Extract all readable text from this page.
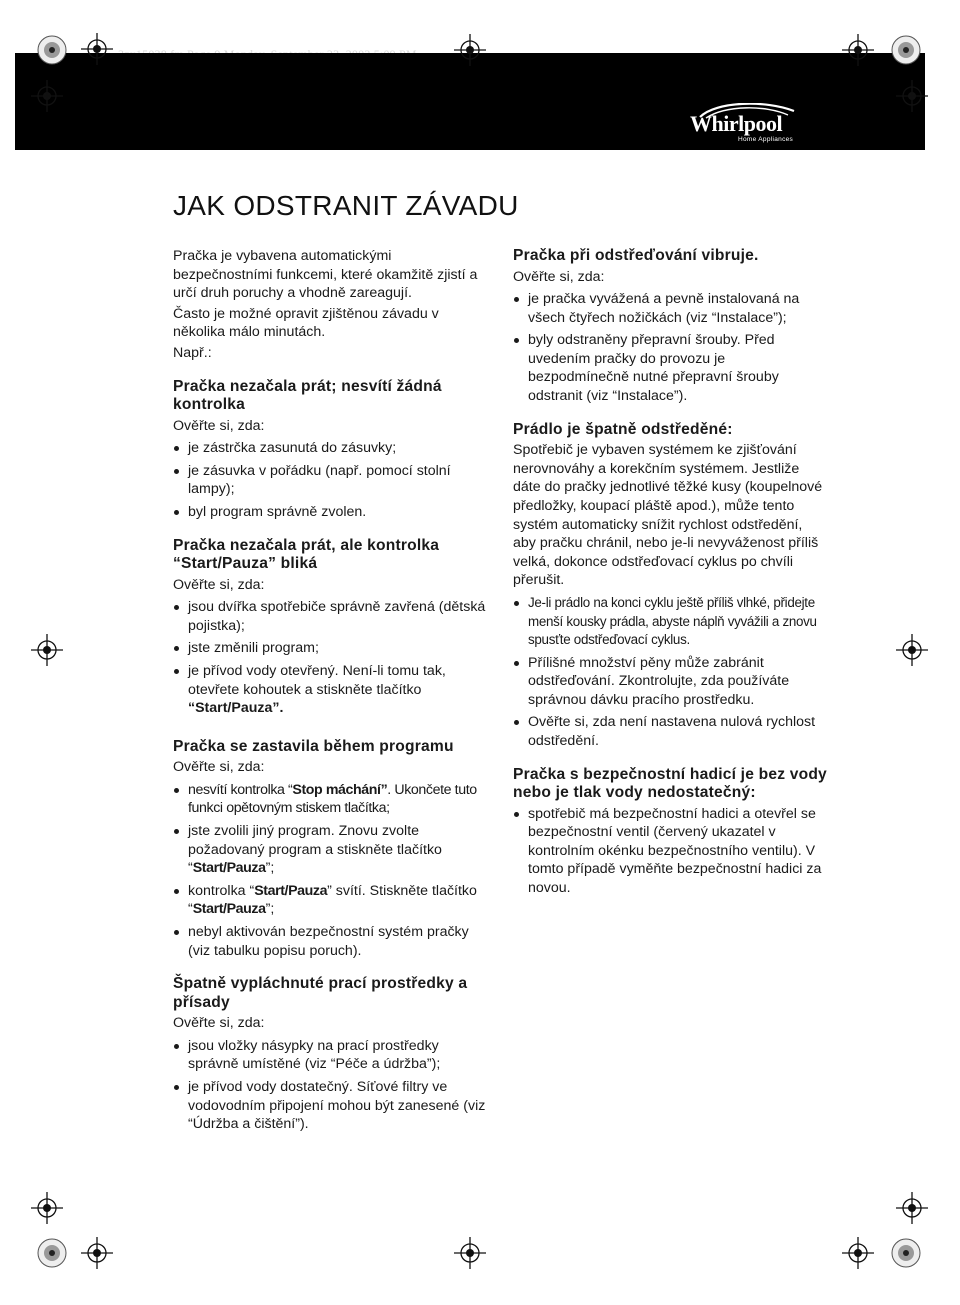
Whirlpool
Home Appliances
JAK ODSTRANIT ZÁVADU

Pračka je vybavena automatickými bezpečnostními funkcemi, které okamžitě zjistí a určí druh poruchy a vhodně zareagují.

Často je možné opravit zjištěnou závadu v několika málo minutách.

Např.:

Pračka nezačala prát; nesvítí žádná kontrolka

Ověřte si, zda:

je zástrčka zasunutá do zásuvky;
je zásuvka v pořádku (např. pomocí stolní lampy);
byl program správně zvolen.
Pračka nezačala prát, ale kontrolka “Start/Pauza” bliká

Ověřte si, zda:

jsou dvířka spotřebiče správně zavřená (dětská pojistka);
jste změnili program;
je přívod vody otevřený. Není-li tomu tak, otevřete kohoutek a stiskněte tlačítko “Start/Pauza”.
Pračka se zastavila během programu

Ověřte si, zda:

nesvítí kontrolka “Stop máchání”. Ukončete tuto funkci opětovným stiskem tlačítka;
jste zvolili jiný program. Znovu zvolte požadovaný program a stiskněte tlačítko “Start/Pauza”;
kontrolka “Start/Pauza” svítí. Stiskněte tlačítko “Start/Pauza”;
nebyl aktivován bezpečnostní systém pračky (viz tabulku popisu poruch).
Špatně vypláchnuté prací prostředky a přísady

Ověřte si, zda:

jsou vložky násypky na prací prostředky správně umístěné (viz “Péče a údržba”);
je přívod vody dostatečný. Síťové filtry ve vodovodním připojení mohou být zanesené (viz “Údržba a čištění”).
Pračka při odstřeďování vibruje.

Ověřte si, zda:

je pračka vyvážená a pevně instalovaná na všech čtyřech nožičkách (viz “Instalace”);
byly odstraněny přepravní šrouby. Před uvedením pračky do provozu je bezpodmínečně nutné přepravní šrouby odstranit (viz “Instalace”).
Prádlo je špatně odstředěné:

Spotřebič je vybaven systémem ke zjišťování nerovnováhy a korekčním systémem. Jestliže dáte do pračky jednotlivé těžké kusy (koupelnové předložky, koupací pláště apod.), může tento systém automaticky snížit rychlost odstředění, aby pračku chránil, nebo je-li nevyváženost příliš velká, dokonce odstřeďovací cyklus po chvíli přerušit.

Je-li prádlo na konci cyklu ještě příliš vlhké, přidejte menší kousky prádla, abyste náplň vyvážili a znovu spusťte odstřeďovací cyklus.
Přílišné množství pěny může zabránit odstřeďování. Zkontrolujte, zda používáte správnou dávku pracího prostředku.
Ověřte si, zda není nastavena nulová rychlost odstředění.
Pračka s bezpečnostní hadicí je bez vody nebo je tlak vody nedostatečný:
spotřebič má bezpečnostní hadici a otevřel se bezpečnostní ventil (červený ukazatel v kontrolním okénku bezpečnostního ventilu). V tomto případě vyměňte bezpečnostní hadici za novou.
